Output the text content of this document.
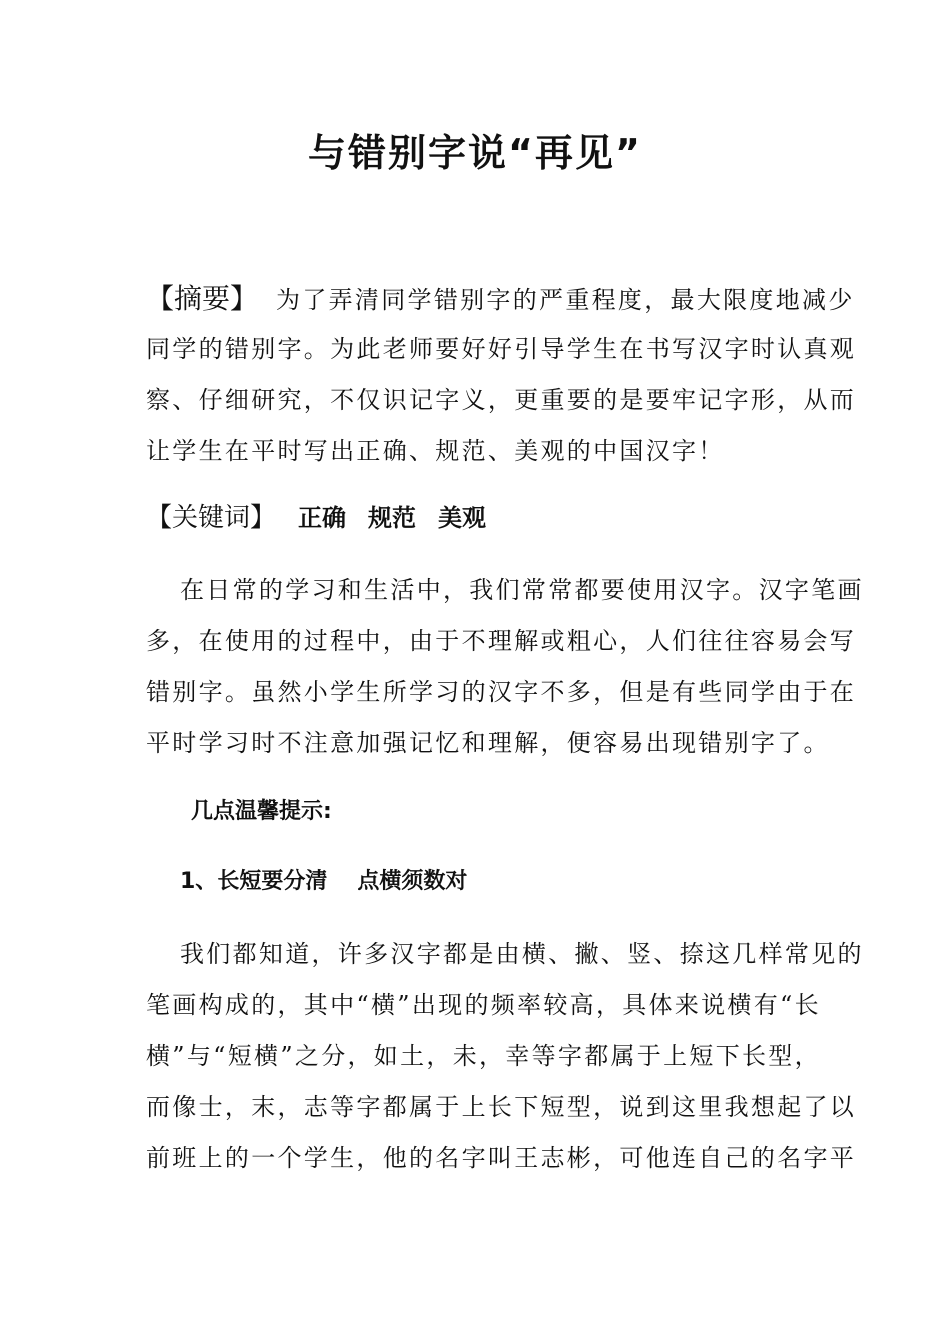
与错别字说“再见”
【摘要】 为了弄清同学错别字的严重程度，最大限度地减少
同学的错别字。为此老师要好好引导学生在书写汉字时认真观
察、仔细研究，不仅识记字义，更重要的是要牢记字形，从而
让学生在平时写出正确、规范、美观的中国汉字！
【关键词】 正确 规范 美观
在日常的学习和生活中，我们常常都要使用汉字。汉字笔画
多，在使用的过程中，由于不理解或粗心，人们往往容易会写
错别字。虽然小学生所学习的汉字不多，但是有些同学由于在
平时学习时不注意加强记忆和理解，便容易出现错别字了。
几点温馨提示:
1、长短要分清 点横须数对
我们都知道，许多汉字都是由横、撇、竖、捺这几样常见的
笔画构成的，其中“横”出现的频率较高，具体来说横有“长
横”与“短横”之分，如土，未，幸等字都属于上短下长型，
而像士，末，志等字都属于上长下短型，说到这里我想起了以
前班上的一个学生，他的名字叫王志彬，可他连自己的名字平
